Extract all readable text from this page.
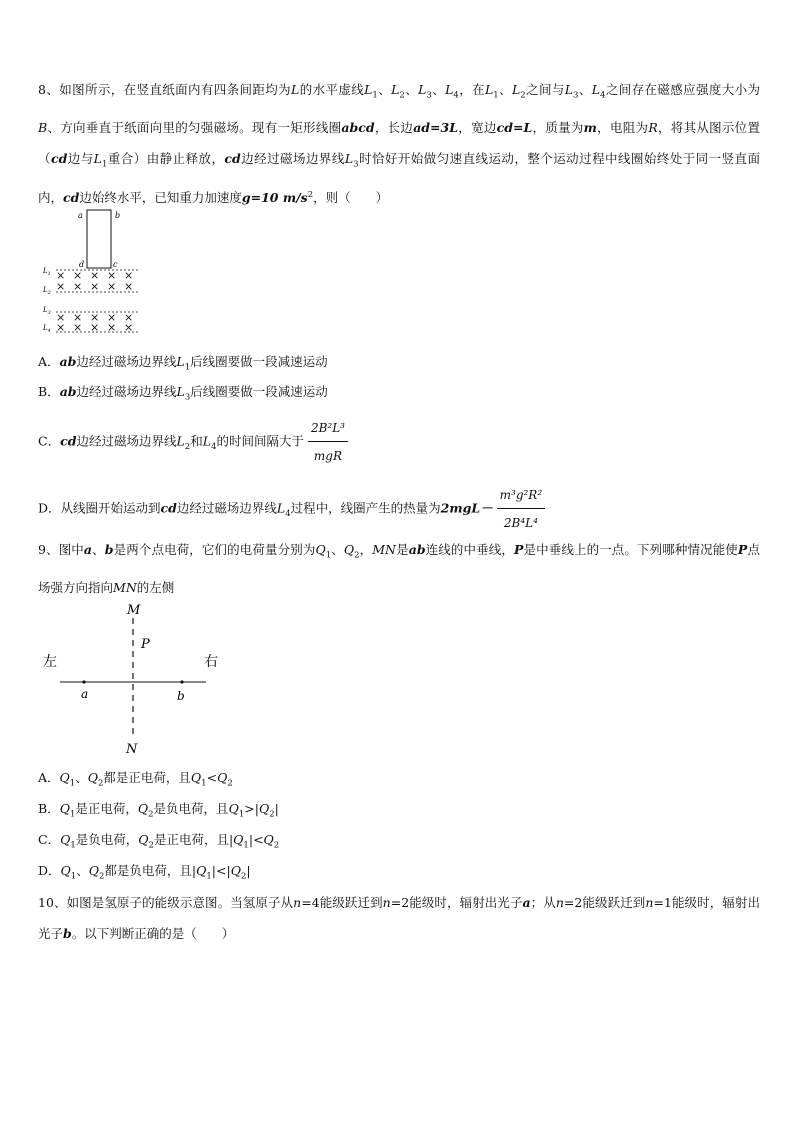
8、如图所示，在竖直纸面内有四条间距均为L的水平虚线$L_1$、$L_2$、$L_3$、$L_4$，在$L_1$、$L_2$之间与$L_3$、$L_4$之间存在磁感应强度大小为B、方向垂直于纸面向里的匀强磁场。现有一矩形线圈abcd，长边ad=3L，宽边cd=L，质量为m，电阻为R，将其从图示位置（cd边与$L_1$重合）由静止释放，cd边经过磁场边界线$L_3$时恰好开始做匀速直线运动，整个运动过程中线圈始终处于同一竖直面内，cd边始终水平，已知重力加速度g=10 $m/s^2$，则（　　）
a	b
d	c
$L_1$
$L_2$
$L_3$
$L_4$
× × × × ×
× × × × ×
× × × × ×
× × × × ×
A．ab边经过磁场边界线$L_1$后线圈要做一段减速运动
B．ab边经过磁场边界线$L_3$后线圈要做一段减速运动
C．cd边经过磁场边界线$L_2$和$L_4$的时间间隔大于 $\frac{\text{2B²L³}}{\text{mgR}}$
D．从线圈开始运动到cd边经过磁场边界线$L_4$过程中，线圈产生的热量为$2mgL- \frac{\text{m³g²R²}}{\text{2B⁴L⁴}}$
9、图中a、b是两个点电荷，它们的电荷量分别为$Q_1$、$Q_2$，MN是ab连线的中垂线，P是中垂线上的一点。下列哪种情况能使P点场强方向指向MN的左侧
M
P
N
左	右
a	b
A．$Q_1$、$Q_2$都是正电荷，且$Q_1<Q_2$
B．$Q_1$是正电荷，$Q_2$是负电荷，且$Q_1>|Q_2|$
C．$Q_1$是负电荷，$Q_2$是正电荷，且$|Q_1|<Q_2$
D．$Q_1$、$Q_2$都是负电荷，且$|Q_1|<|Q_2|$
10、如图是氢原子的能级示意图。当氢原子从n=4能级跃迁到n=2能级时，辐射出光子a；从n=2能级跃迁到n=1能级时，辐射出光子b。以下判断正确的是（　　）
